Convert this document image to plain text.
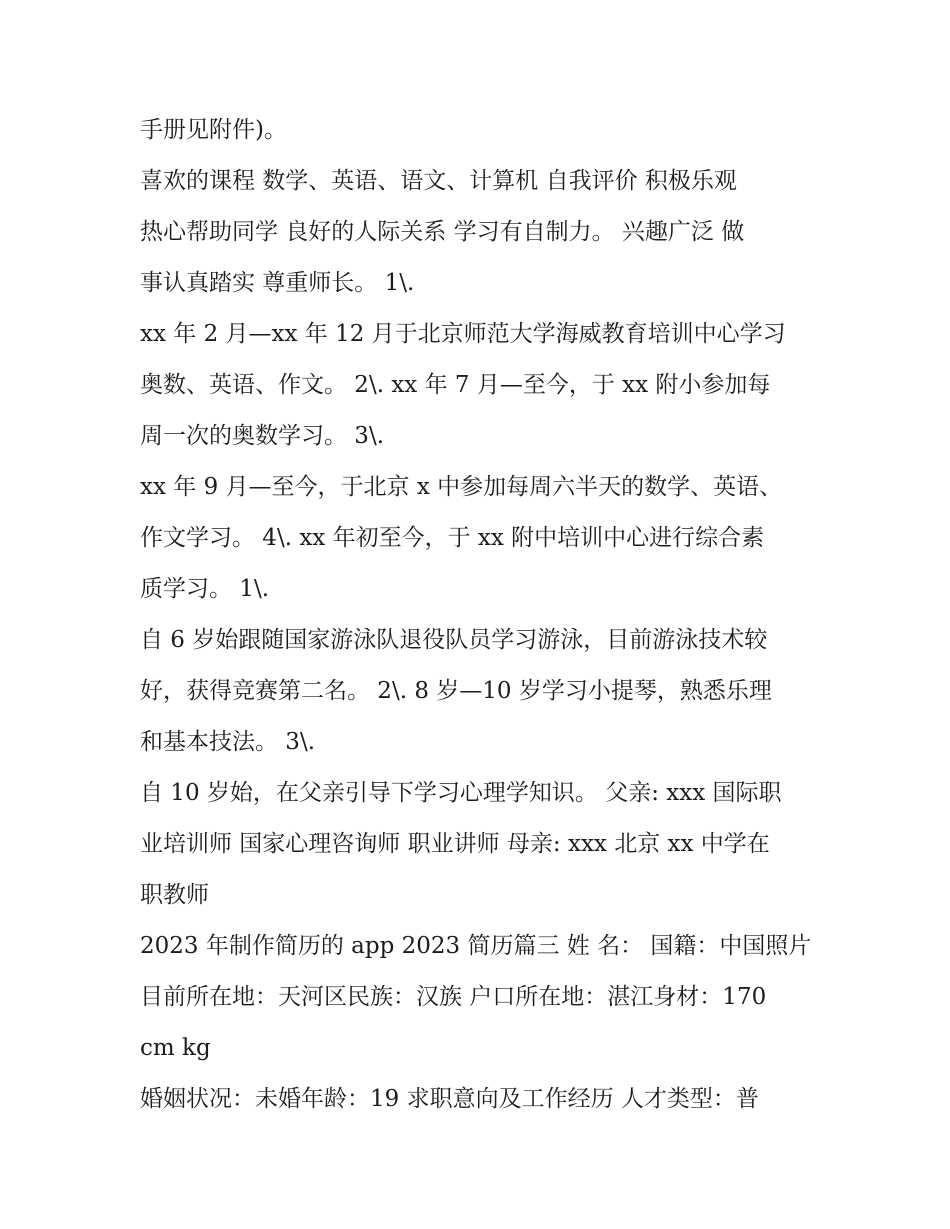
手册见附件)。
喜欢的课程 数学、英语、语文、计算机 自我评价 积极乐观
热心帮助同学 良好的人际关系 学习有自制力。 兴趣广泛 做
事认真踏实 尊重师长。 1\.
xx 年 2 月—xx 年 12 月于北京师范大学海威教育培训中心学习
奥数、英语、作文。 2\. xx 年 7 月—至今，于 xx 附小参加每
周一次的奥数学习。 3\.
xx 年 9 月—至今，于北京 x 中参加每周六半天的数学、英语、
作文学习。 4\. xx 年初至今，于 xx 附中培训中心进行综合素
质学习。 1\.
自 6 岁始跟随国家游泳队退役队员学习游泳，目前游泳技术较
好，获得竞赛第二名。 2\. 8 岁—10 岁学习小提琴，熟悉乐理
和基本技法。 3\.
自 10 岁始，在父亲引导下学习心理学知识。 父亲: xxx 国际职
业培训师 国家心理咨询师 职业讲师 母亲: xxx 北京 xx 中学在
职教师
2023 年制作简历的 app 2023 简历篇三 姓 名： 国籍：中国照片
目前所在地：天河区民族：汉族 户口所在地：湛江身材：170
cm kg
婚姻状况：未婚年龄：19 求职意向及工作经历 人才类型：普
